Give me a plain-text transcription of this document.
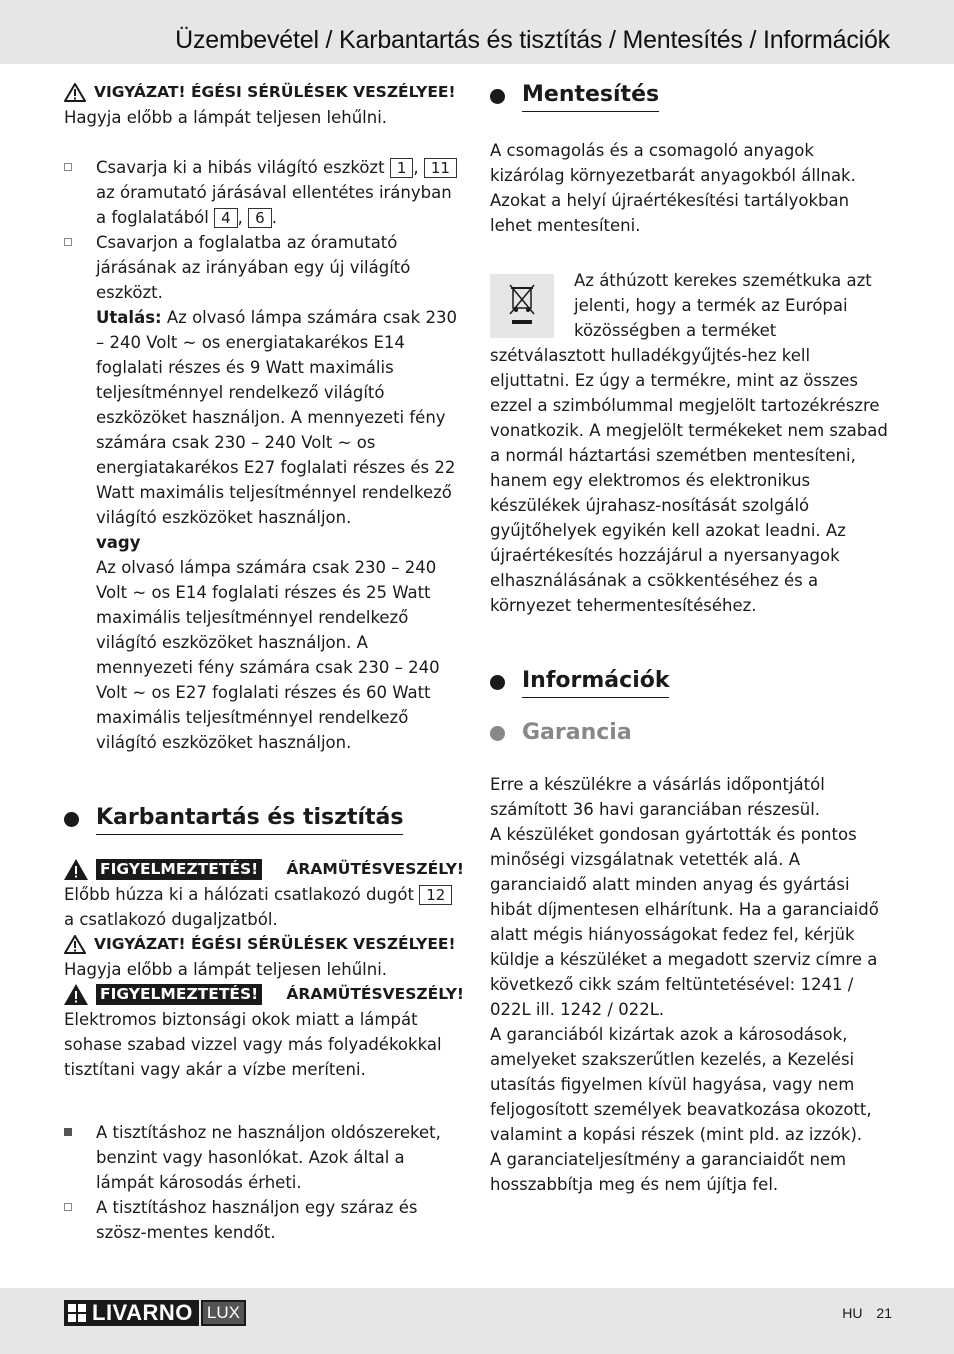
Üzembevétel / Karbantartás és tisztítás / Mentesítés / Információk
VIGYÁZAT! ÉGÉSI SÉRÜLÉSEK VESZÉLYEE!

Hagyja előbb a lámpát teljesen lehűlni.

Csavarja ki a hibás világító eszközt 1 , 11 az óramutató járásával ellentétes irányban a foglalatából 4 , 6 .
Csavarjon a foglalatba az óramutató járásának az irányában egy új világító eszközt.
Utalás: Az olvasó lámpa számára csak 230 – 240 Volt ~ os energiatakarékos E14 foglalati részes és 9 Watt maximális teljesítménnyel rendelkező világító eszközöket használjon. A mennyezeti fény számára csak 230 – 240 Volt ~ os energiatakarékos E27 foglalati részes és 22 Watt maximális teljesítménnyel rendelkező világító eszközöket használjon.
vagy
Az olvasó lámpa számára csak 230 – 240 Volt ~ os E14 foglalati részes és 25 Watt maximális teljesítménnyel rendelkező világító eszközöket használjon. A mennyezeti fény számára csak 230 – 240 Volt ~ os E27 foglalati részes és 60 Watt maximális teljesítménnyel rendelkező világító eszközöket használjon.
Karbantartás és tisztítás
FIGYELMEZTETÉS! ÁRAMÜTÉSVESZÉLY!

Előbb húzza ki a hálózati csatlakozó dugót 12 a csatlakozó dugaljzatból.

VIGYÁZAT! ÉGÉSI SÉRÜLÉSEK VESZÉLYEE!

Hagyja előbb a lámpát teljesen lehűlni.

FIGYELMEZTETÉS! ÁRAMÜTÉSVESZÉLY!

Elektromos biztonsági okok miatt a lámpát sohase szabad vizzel vagy más folyadékokkal tisztítani vagy akár a vízbe meríteni.

A tisztításhoz ne használjon oldószereket, benzint vagy hasonlókat. Azok által a lámpát károsodás érheti.
A tisztításhoz használjon egy száraz és szösz-mentes kendőt.
Mentesítés

A csomagolás és a csomagoló anyagok kizárólag környezetbarát anyagokból állnak. Azokat a helyí újraértékesítési tartályokban lehet mentesíteni.

Az áthúzott kerekes szemétkuka azt jelenti, hogy a termék az Európai közösségben a terméket szétválasztott hulladékgyűjtés-hez kell eljuttatni. Ez úgy a termékre, mint az összes ezzel a szimbólummal megjelölt tartozékrészre vonatkozik. A megjelölt termékeket nem szabad a normál háztartási szemétben mentesíteni, hanem egy elektromos és elektronikus készülékek újrahasz-nosítását szolgáló gyűjtőhelyek egyikén kell azokat leadni. Az újraértékesítés hozzájárul a nyersanyagok elhasználásának a csökkentéséhez és a környezet tehermentesítéséhez.

Információk
Garancia

Erre a készülékre a vásárlás időpontjától számított 36 havi garanciában részesül.

A készüléket gondosan gyártották és pontos minőségi vizsgálatnak vetették alá. A garanciaidő alatt minden anyag és gyártási hibát díjmentesen elhárítunk. Ha a garanciaidő alatt mégis hiányosságokat fedez fel, kérjük küldje a készüléket a megadott szerviz címre a következő cikk szám feltüntetésével: 1241 / 022L ill. 1242 / 022L.

A garanciából kizártak azok a károsodások, amelyeket szakszerűtlen kezelés, a Kezelési utasítás figyelmen kívül hagyása, vagy nem feljogosított személyek beavatkozása okozott, valamint a kopási részek (mint pld. az izzók).

A garanciateljesítmény a garanciaidőt nem hosszabbítja meg és nem újítja fel.

LIVARNO LUX	HU 21
